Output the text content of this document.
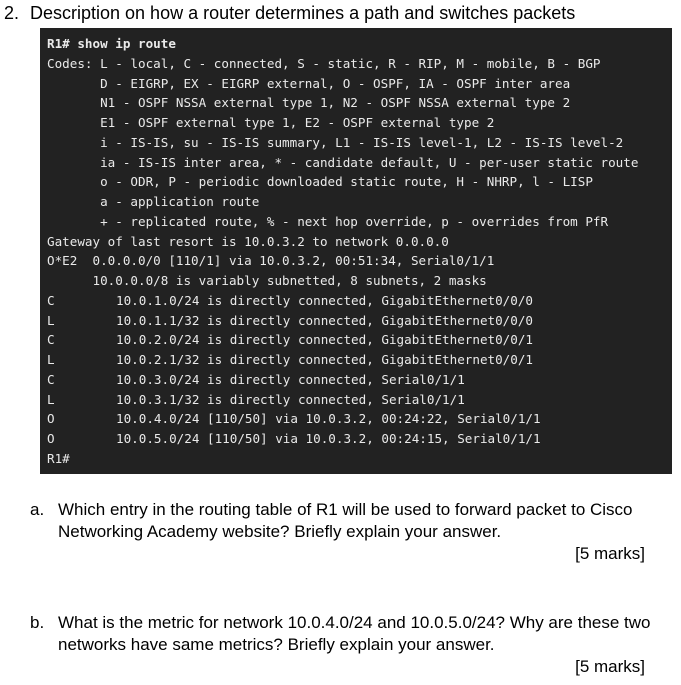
2. Description on how a router determines a path and switches packets
R1# show ip route
Codes: L - local, C - connected, S - static, R - RIP, M - mobile, B - BGP
D - EIGRP, EX - EIGRP external, O - OSPF, IA - OSPF inter area
N1 - OSPF NSSA external type 1, N2 - OSPF NSSA external type 2
E1 - OSPF external type 1, E2 - OSPF external type 2
i - IS-IS, su - IS-IS summary, L1 - IS-IS level-1, L2 - IS-IS level-2
ia - IS-IS inter area, * - candidate default, U - per-user static route
o - ODR, P - periodic downloaded static route, H - NHRP, l - LISP
a - application route
+ - replicated route, % - next hop override, p - overrides from PfR
Gateway of last resort is 10.0.3.2 to network 0.0.0.0
O*E2  0.0.0.0/0 [110/1] via 10.0.3.2, 00:51:34, Serial0/1/1
10.0.0.0/8 is variably subnetted, 8 subnets, 2 masks
C	10.0.1.0/24 is directly connected, GigabitEthernet0/0/0
L	10.0.1.1/32 is directly connected, GigabitEthernet0/0/0
C	10.0.2.0/24 is directly connected, GigabitEthernet0/0/1
L	10.0.2.1/32 is directly connected, GigabitEthernet0/0/1
C	10.0.3.0/24 is directly connected, Serial0/1/1
L	10.0.3.1/32 is directly connected, Serial0/1/1
O	10.0.4.0/24 [110/50] via 10.0.3.2, 00:24:22, Serial0/1/1
O	10.0.5.0/24 [110/50] via 10.0.3.2, 00:24:15, Serial0/1/1
R1#
a. Which entry in the routing table of R1 will be used to forward packet to Cisco Networking Academy website? Briefly explain your answer.
[5 marks]
b. What is the metric for network 10.0.4.0/24 and 10.0.5.0/24? Why are these two networks have same metrics? Briefly explain your answer.
[5 marks]
